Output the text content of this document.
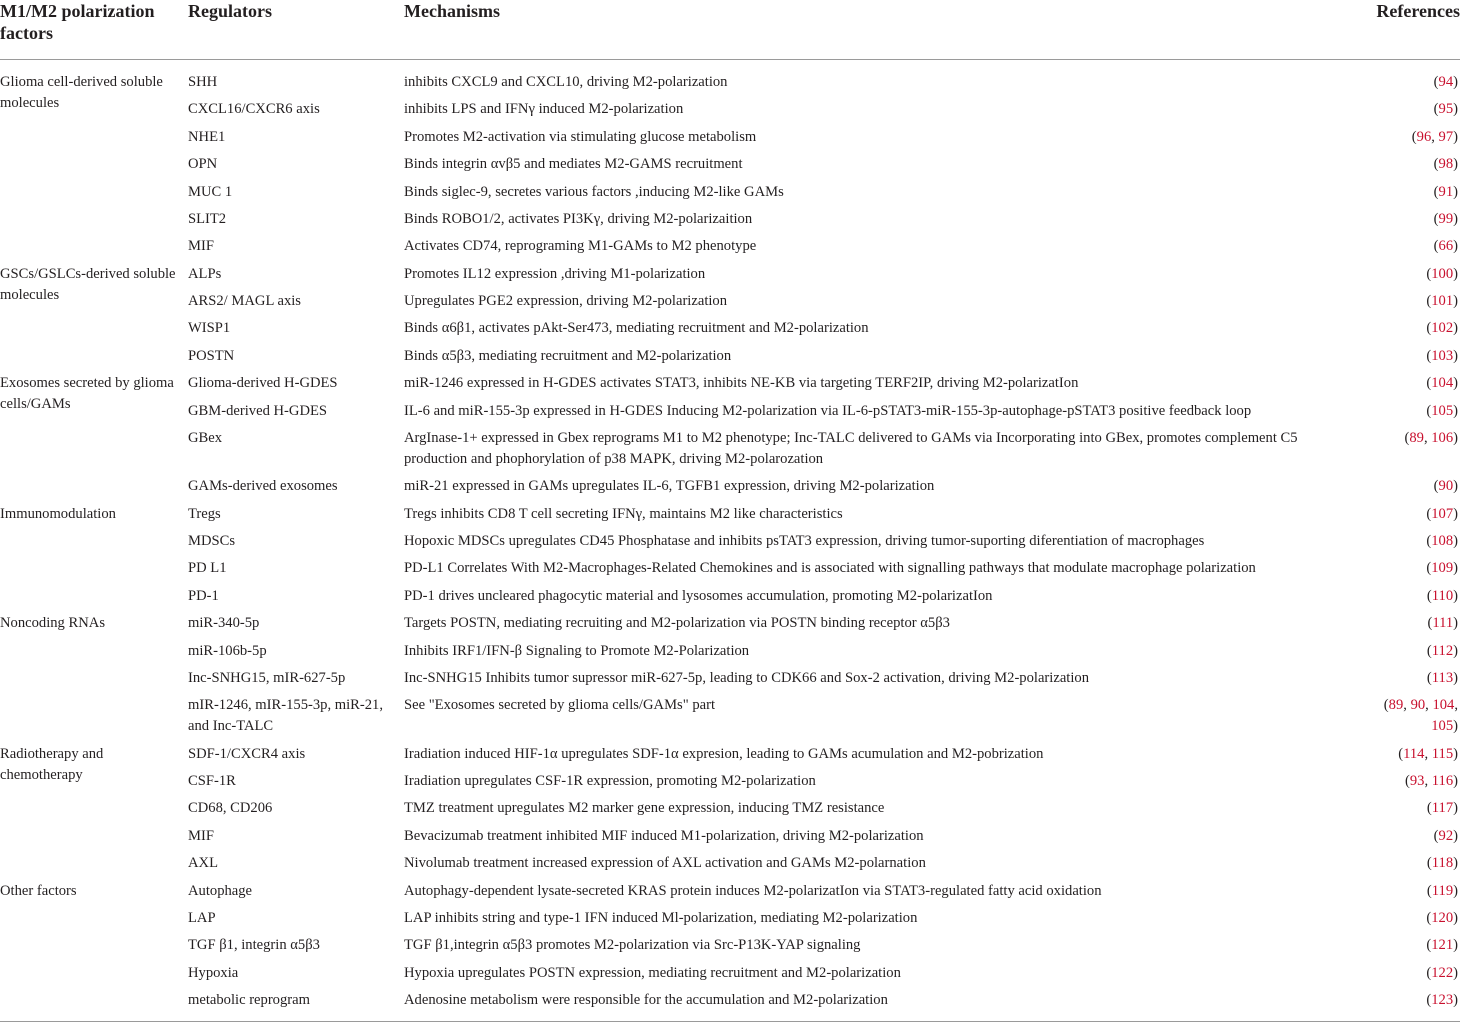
M1/M2 polarization factors	Regulators	Mechanisms	References
Glioma cell-derived soluble molecules	SHH	inhibits CXCL9 and CXCL10, driving M2-polarization	(94)
	CXCL16/CXCR6 axis	inhibits LPS and IFNγ induced M2-polarization	(95)
	NHE1	Promotes M2-activation via stimulating glucose metabolism	(96, 97)
	OPN	Binds integrin αvβ5 and mediates M2-GAMS recruitment	(98)
	MUC 1	Binds siglec-9, secretes various factors ,inducing M2-like GAMs	(91)
	SLIT2	Binds ROBO1/2, activates PI3Kγ, driving M2-polarizaition	(99)
	MIF	Activates CD74, reprograming M1-GAMs to M2 phenotype	(66)
GSCs/GSLCs-derived soluble molecules	ALPs	Promotes IL12 expression ,driving M1-polarization	(100)
	ARS2/ MAGL axis	Upregulates PGE2 expression, driving M2-polarization	(101)
	WISP1	Binds α6β1, activates pAkt-Ser473, mediating recruitment and M2-polarization	(102)
	POSTN	Binds α5β3, mediating recruitment and M2-polarization	(103)
Exosomes secreted by glioma cells/GAMs	Glioma-derived H-GDES	miR-1246 expressed in H-GDES activates STAT3, inhibits NE-KB via targeting TERF2IP, driving M2-polarizatIon	(104)
	GBM-derived H-GDES	IL-6 and miR-155-3p expressed in H-GDES Inducing M2-polarization via IL-6-pSTAT3-miR-155-3p-autophage-pSTAT3 positive feedback loop	(105)
	GBex	ArgInase-1+ expressed in Gbex reprograms M1 to M2 phenotype; Inc-TALC delivered to GAMs via Incorporating into GBex, promotes complement C5 production and phophorylation of p38 MAPK, driving M2-polarozation	(89, 106)
	GAMs-derived exosomes	miR-21 expressed in GAMs upregulates IL-6, TGFB1 expression, driving M2-polarization	(90)
Immunomodulation	Tregs	Tregs inhibits CD8 T cell secreting IFNγ, maintains M2 like characteristics	(107)
	MDSCs	Hopoxic MDSCs upregulates CD45 Phosphatase and inhibits psTAT3 expression, driving tumor-suporting diferentiation of macrophages	(108)
	PD L1	PD-L1 Correlates With M2-Macrophages-Related Chemokines and is associated with signalling pathways that modulate macrophage polarization	(109)
	PD-1	PD-1 drives uncleared phagocytic material and lysosomes accumulation, promoting M2-polarizatIon	(110)
Noncoding RNAs	miR-340-5p	Targets POSTN, mediating recruiting and M2-polarization via POSTN binding receptor α5β3	(111)
	miR-106b-5p	Inhibits IRF1/IFN-β Signaling to Promote M2-Polarization	(112)
	Inc-SNHG15, mIR-627-5p	Inc-SNHG15 Inhibits tumor supressor miR-627-5p, leading to CDK66 and Sox-2 activation, driving M2-polarization	(113)
	mIR-1246, mIR-155-3p, miR-21, and Inc-TALC	See "Exosomes secreted by glioma cells/GAMs" part	(89, 90, 104, 105)
Radiotherapy and chemotherapy	SDF-1/CXCR4 axis	Iradiation induced HIF-1α upregulates SDF-1α expresion, leading to GAMs acumulation and M2-pobrization	(114, 115)
	CSF-1R	Iradiation upregulates CSF-1R expression, promoting M2-polarization	(93, 116)
	CD68, CD206	TMZ treatment upregulates M2 marker gene expression, inducing TMZ resistance	(117)
	MIF	Bevacizumab treatment inhibited MIF induced M1-polarization, driving M2-polarization	(92)
	AXL	Nivolumab treatment increased expression of AXL activation and GAMs M2-polarnation	(118)
Other factors	Autophage	Autophagy-dependent lysate-secreted KRAS protein induces M2-polarizatIon via STAT3-regulated fatty acid oxidation	(119)
	LAP	LAP inhibits string and type-1 IFN induced Ml-polarization, mediating M2-polarization	(120)
	TGF β1, integrin α5β3	TGF β1,integrin α5β3 promotes M2-polarization via Src-P13K-YAP signaling	(121)
	Hypoxia	Hypoxia upregulates POSTN expression, mediating recruitment and M2-polarization	(122)
	metabolic reprogram	Adenosine metabolism were responsible for the accumulation and M2-polarization	(123)
